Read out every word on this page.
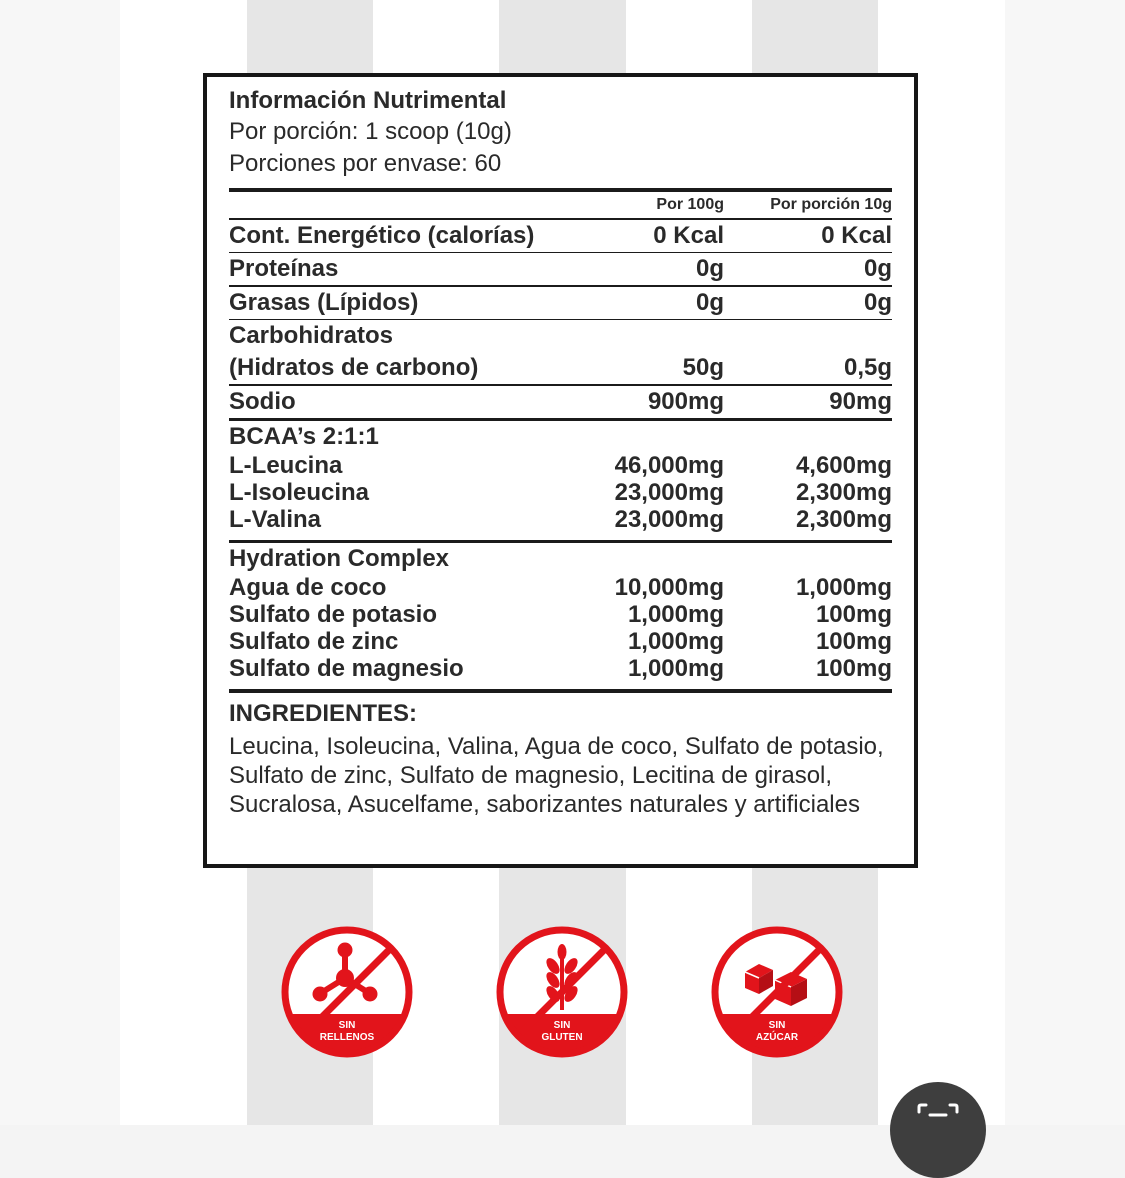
Información Nutrimental
Por porción: 1 scoop (10g)
Porciones por envase: 60
Por 100g	Por porción 10g
Cont. Energético (calorías)	0 Kcal	0 Kcal
Proteínas	0g	0g
Grasas (Lípidos)	0g	0g
Carbohidratos
(Hidratos de carbono)	50g	0,5g
Sodio	900mg	90mg
BCAA’s 2:1:1
L-Leucina	46,000mg	4,600mg
L-Isoleucina	23,000mg	2,300mg
L-Valina	23,000mg	2,300mg
Hydration Complex
Agua de coco	10,000mg	1,000mg
Sulfato de potasio	1,000mg	100mg
Sulfato de zinc	1,000mg	100mg
Sulfato de magnesio	1,000mg	100mg
INGREDIENTES:
Leucina, Isoleucina, Valina, Agua de coco, Sulfato de potasio, Sulfato de zinc, Sulfato de magnesio, Lecitina de girasol, Sucralosa, Asucelfame, saborizantes naturales y artificiales
SIN
RELLENOS
SIN
GLUTEN
SIN
AZÚCAR
